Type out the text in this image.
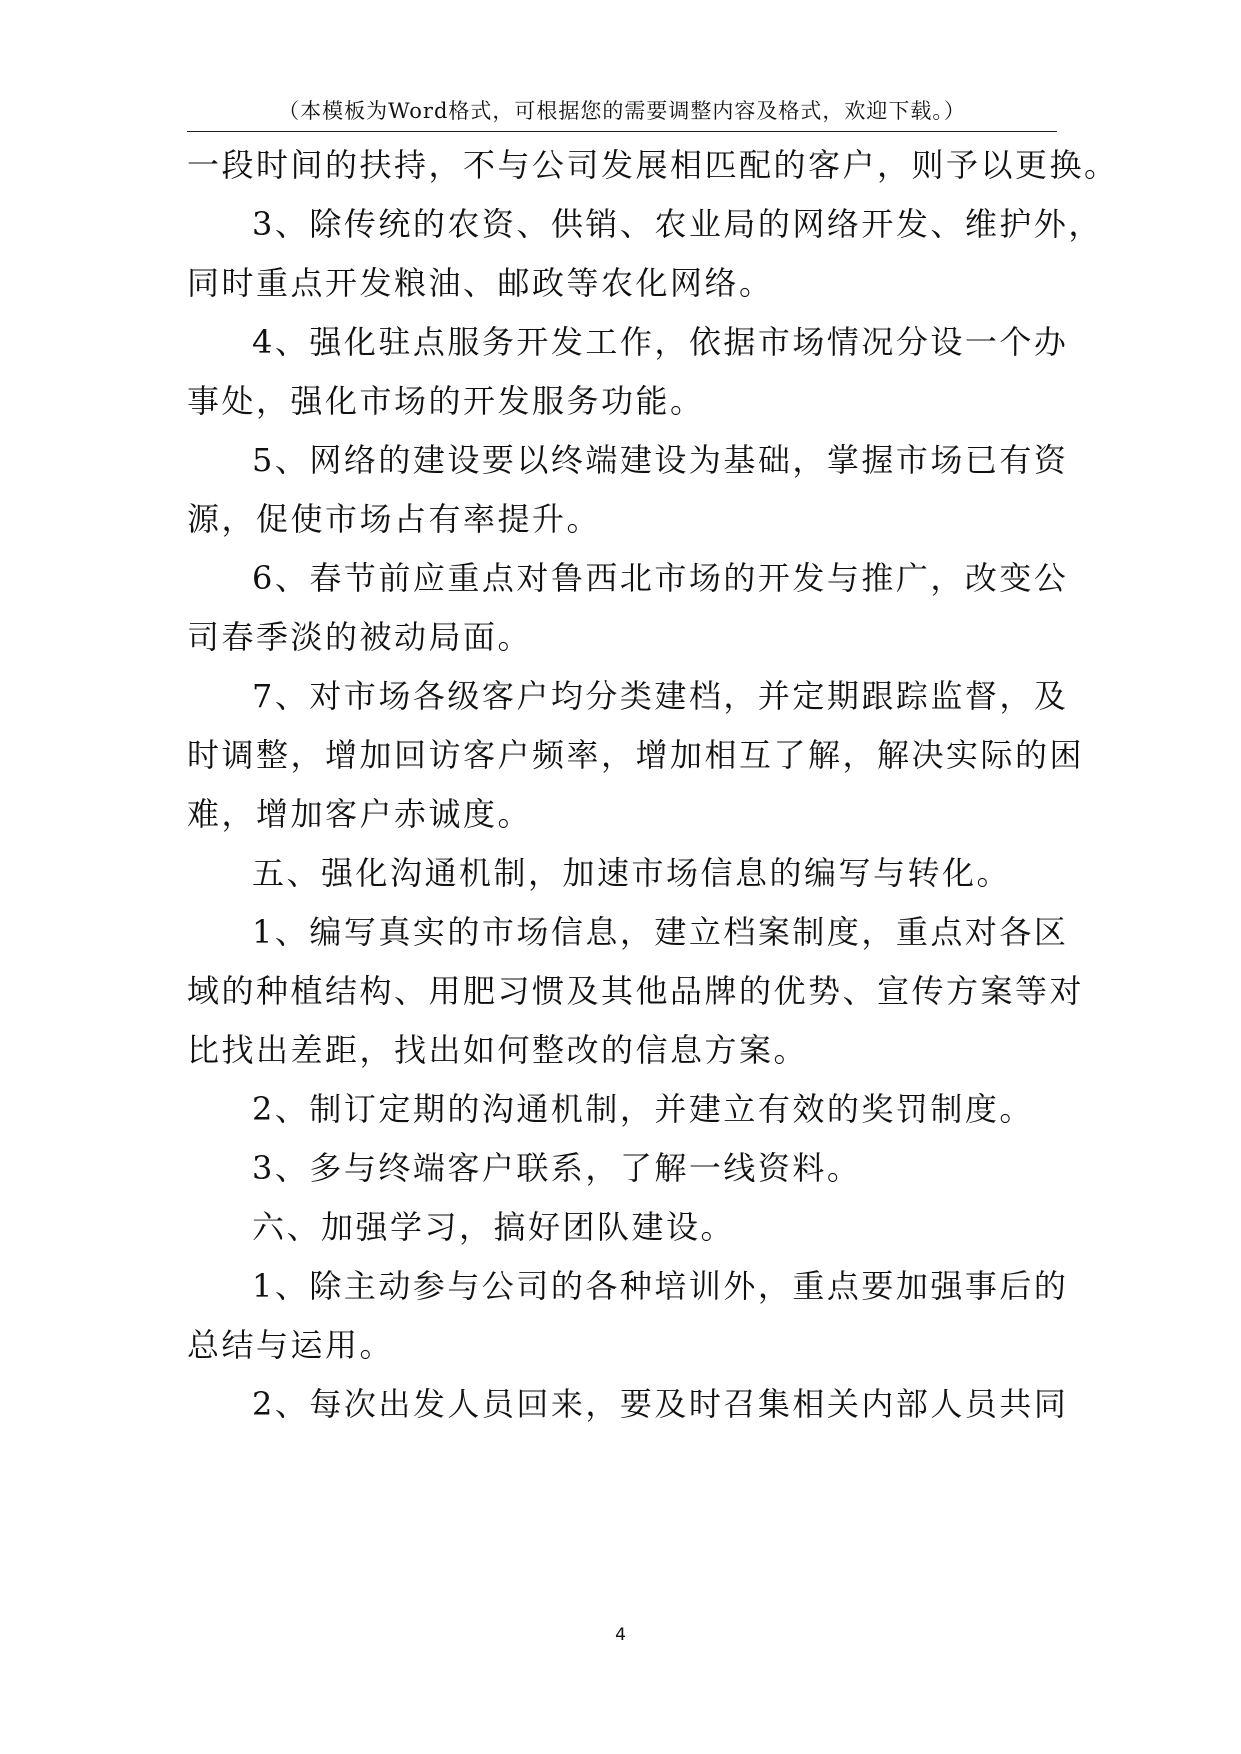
（本模板为Word格式，可根据您的需要调整内容及格式，欢迎下载。）
一段时间的扶持，不与公司发展相匹配的客户，则予以更换。
3、除传统的农资、供销、农业局的网络开发、维护外，
同时重点开发粮油、邮政等农化网络。
4、强化驻点服务开发工作，依据市场情况分设一个办
事处，强化市场的开发服务功能。
5、网络的建设要以终端建设为基础，掌握市场已有资
源，促使市场占有率提升。
6、春节前应重点对鲁西北市场的开发与推广，改变公
司春季淡的被动局面。
7、对市场各级客户均分类建档，并定期跟踪监督，及
时调整，增加回访客户频率，增加相互了解，解决实际的困
难，增加客户赤诚度。
五、强化沟通机制，加速市场信息的编写与转化。
1、编写真实的市场信息，建立档案制度，重点对各区
域的种植结构、用肥习惯及其他品牌的优势、宣传方案等对
比找出差距，找出如何整改的信息方案。
2、制订定期的沟通机制，并建立有效的奖罚制度。
3、多与终端客户联系，了解一线资料。
六、加强学习，搞好团队建设。
1、除主动参与公司的各种培训外，重点要加强事后的
总结与运用。
2、每次出发人员回来，要及时召集相关内部人员共同
4
